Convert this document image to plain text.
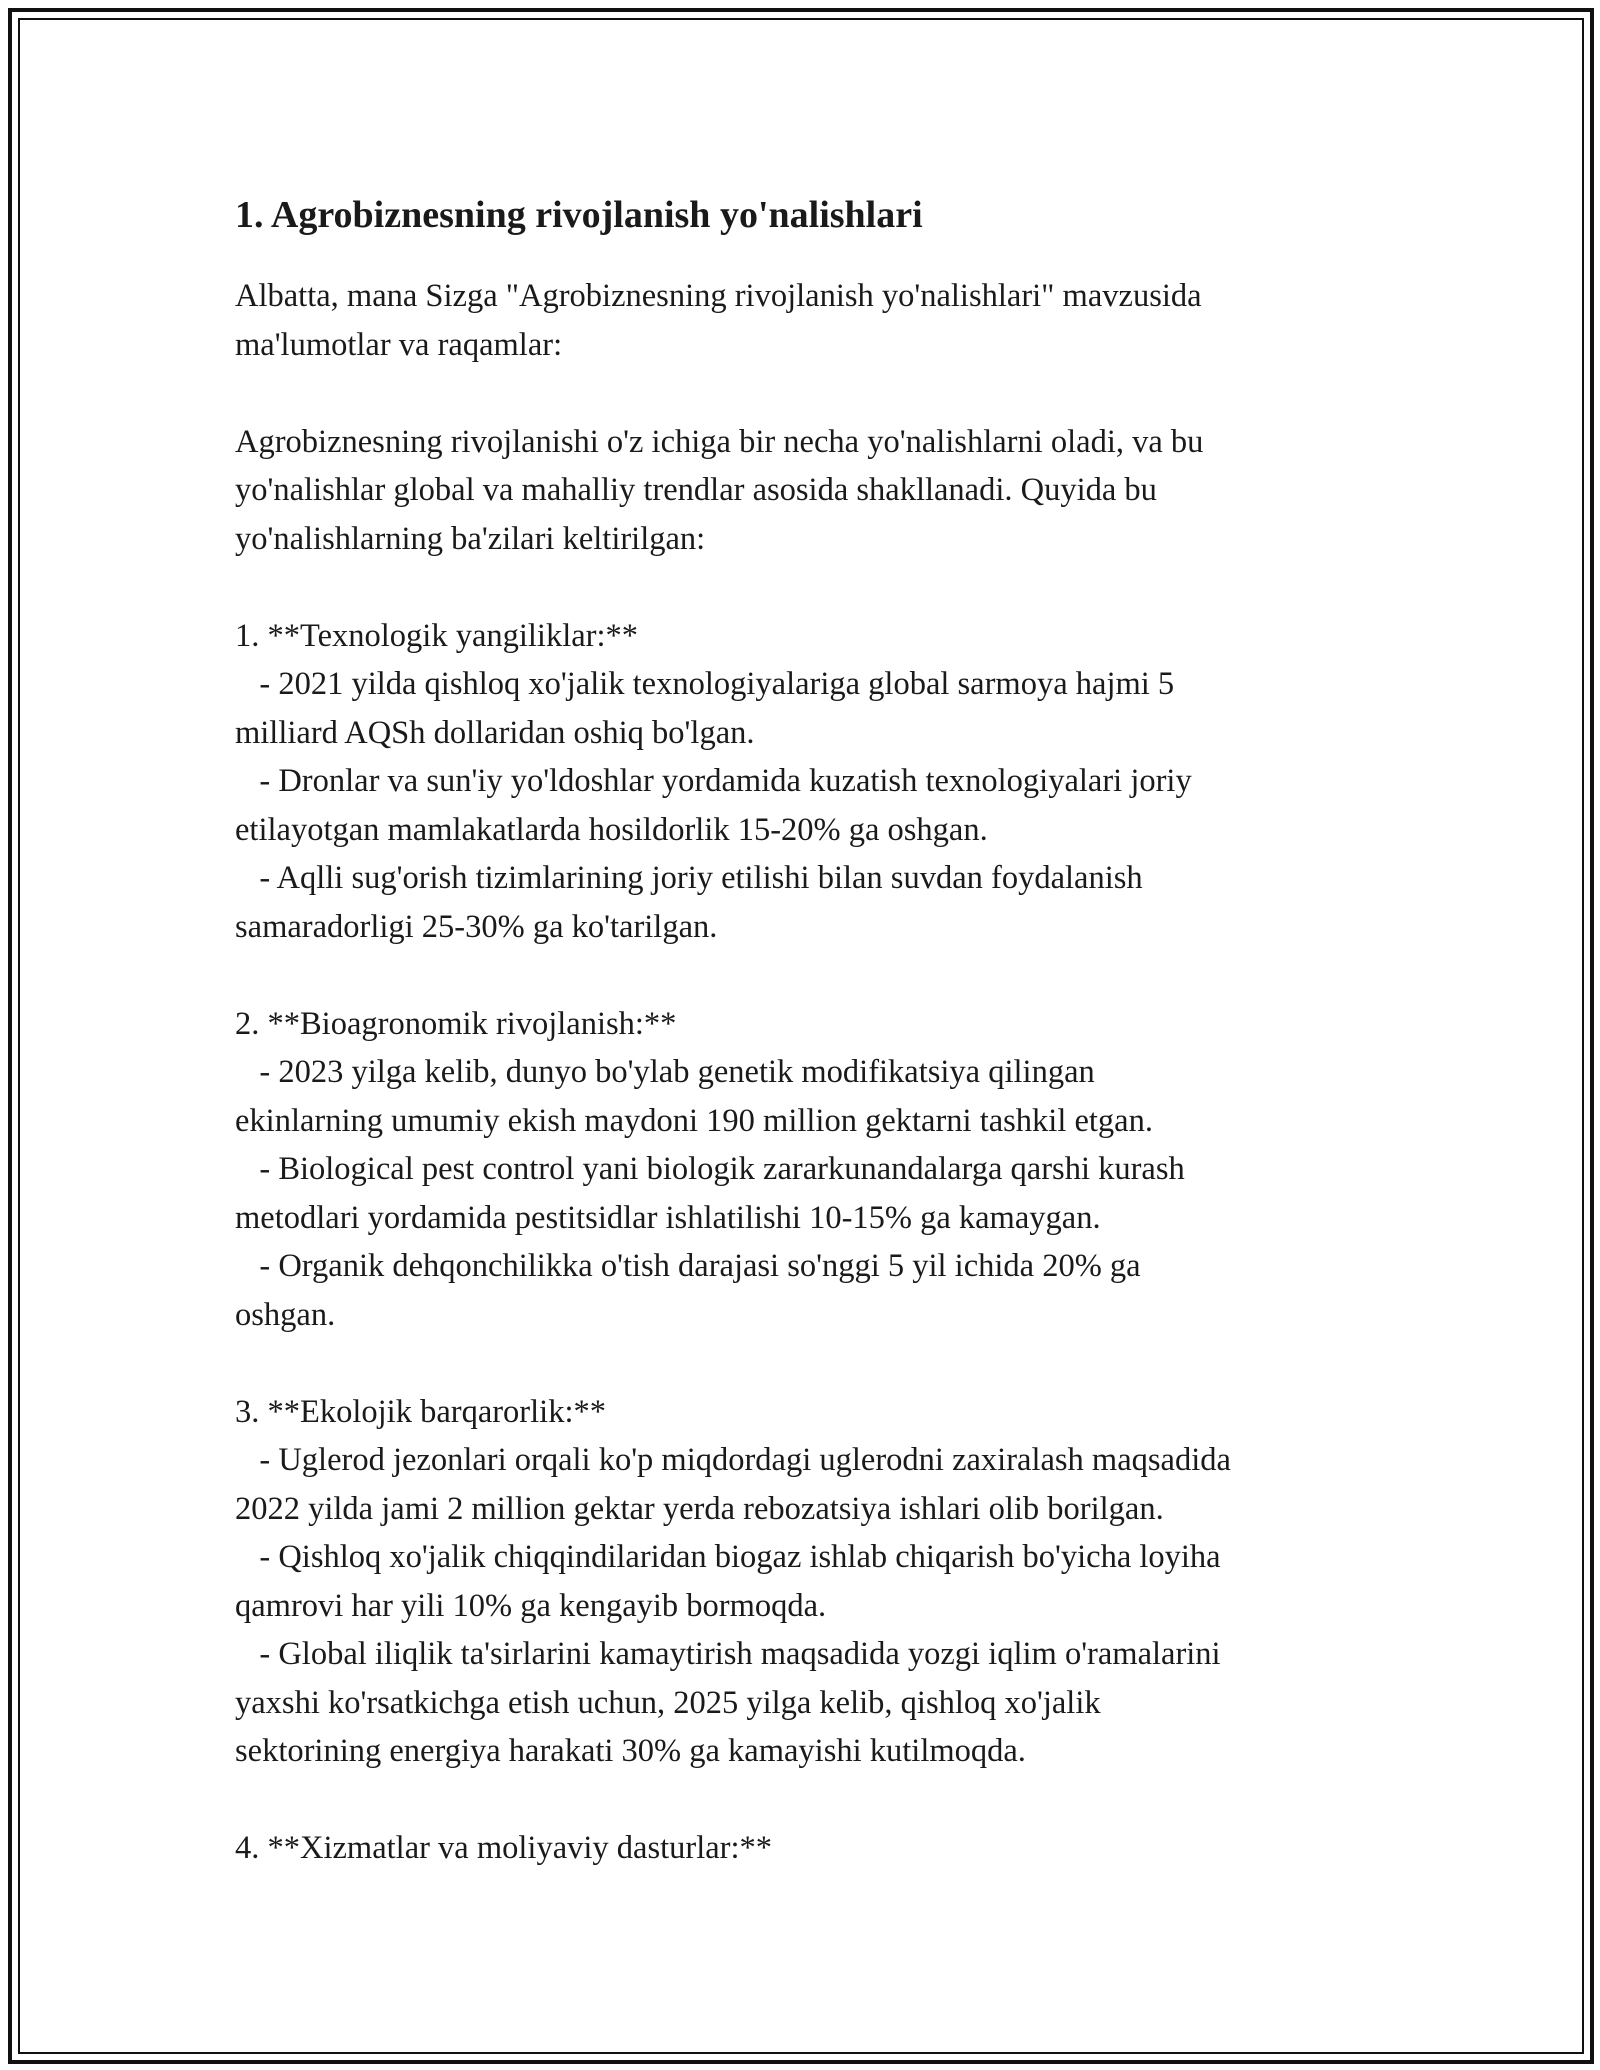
1. Agrobiznesning rivojlanish yo'nalishlari

Albatta, mana Sizga "Agrobiznesning rivojlanish yo'nalishlari" mavzusida
ma'lumotlar va raqamlar:

Agrobiznesning rivojlanishi o'z ichiga bir necha yo'nalishlarni oladi, va bu
yo'nalishlar global va mahalliy trendlar asosida shakllanadi. Quyida bu
yo'nalishlarning ba'zilari keltirilgan:

1. **Texnologik yangiliklar:**

- 2021 yilda qishloq xo'jalik texnologiyalariga global sarmoya hajmi 5
milliard AQSh dollaridan oshiq bo'lgan.

- Dronlar va sun'iy yo'ldoshlar yordamida kuzatish texnologiyalari joriy
etilayotgan mamlakatlarda hosildorlik 15-20% ga oshgan.

- Aqlli sug'orish tizimlarining joriy etilishi bilan suvdan foydalanish
samaradorligi 25-30% ga ko'tarilgan.

2. **Bioagronomik rivojlanish:**

- 2023 yilga kelib, dunyo bo'ylab genetik modifikatsiya qilingan
ekinlarning umumiy ekish maydoni 190 million gektarni tashkil etgan.

- Biological pest control yani biologik zararkunandalarga qarshi kurash
metodlari yordamida pestitsidlar ishlatilishi 10-15% ga kamaygan.

- Organik dehqonchilikka o'tish darajasi so'nggi 5 yil ichida 20% ga
oshgan.

3. **Ekolojik barqarorlik:**

- Uglerod jezonlari orqali ko'p miqdordagi uglerodni zaxiralash maqsadida
2022 yilda jami 2 million gektar yerda rebozatsiya ishlari olib borilgan.

- Qishloq xo'jalik chiqqindilaridan biogaz ishlab chiqarish bo'yicha loyiha
qamrovi har yili 10% ga kengayib bormoqda.

- Global iliqlik ta'sirlarini kamaytirish maqsadida yozgi iqlim o'ramalarini
yaxshi ko'rsatkichga etish uchun, 2025 yilga kelib, qishloq xo'jalik
sektorining energiya harakati 30% ga kamayishi kutilmoqda.

4. **Xizmatlar va moliyaviy dasturlar:**
